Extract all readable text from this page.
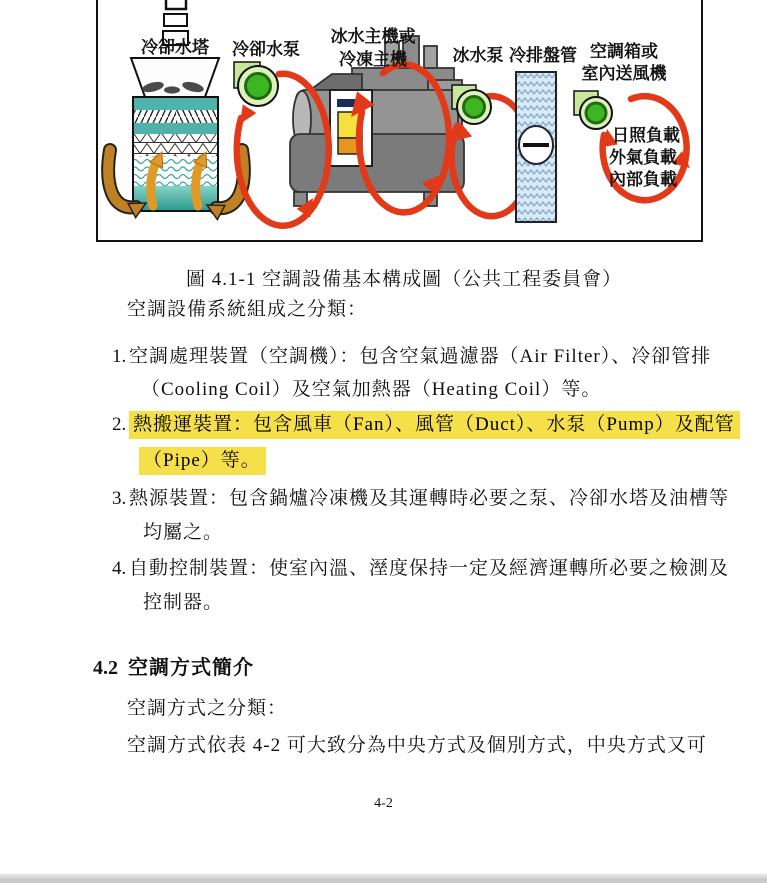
冷卻水塔 冷卻水泵
冰水主機或
冷凍主機	冰水泵 冷排盤管 空調箱或
室內送風機
日照負載
外氣負載
內部負載
圖 4.1-1 空調設備基本構成圖（公共工程委員會）
空調設備系統組成之分類：
1. 空調處理裝置（空調機）：包含空氣過濾器（Air Filter）、冷卻管排
（Cooling Coil）及空氣加熱器（Heating Coil）等。
2. 熱搬運裝置：包含風車（Fan）、風管（Duct）、水泵（Pump）及配管
（Pipe）等。
3. 熱源裝置：包含鍋爐冷凍機及其運轉時必要之泵、冷卻水塔及油槽等
均屬之。
4. 自動控制裝置：使室內溫、溼度保持一定及經濟運轉所必要之檢測及
控制器。
4.2 空調方式簡介
空調方式之分類：
空調方式依表 4-2 可大致分為中央方式及個別方式，中央方式又可
4-2
